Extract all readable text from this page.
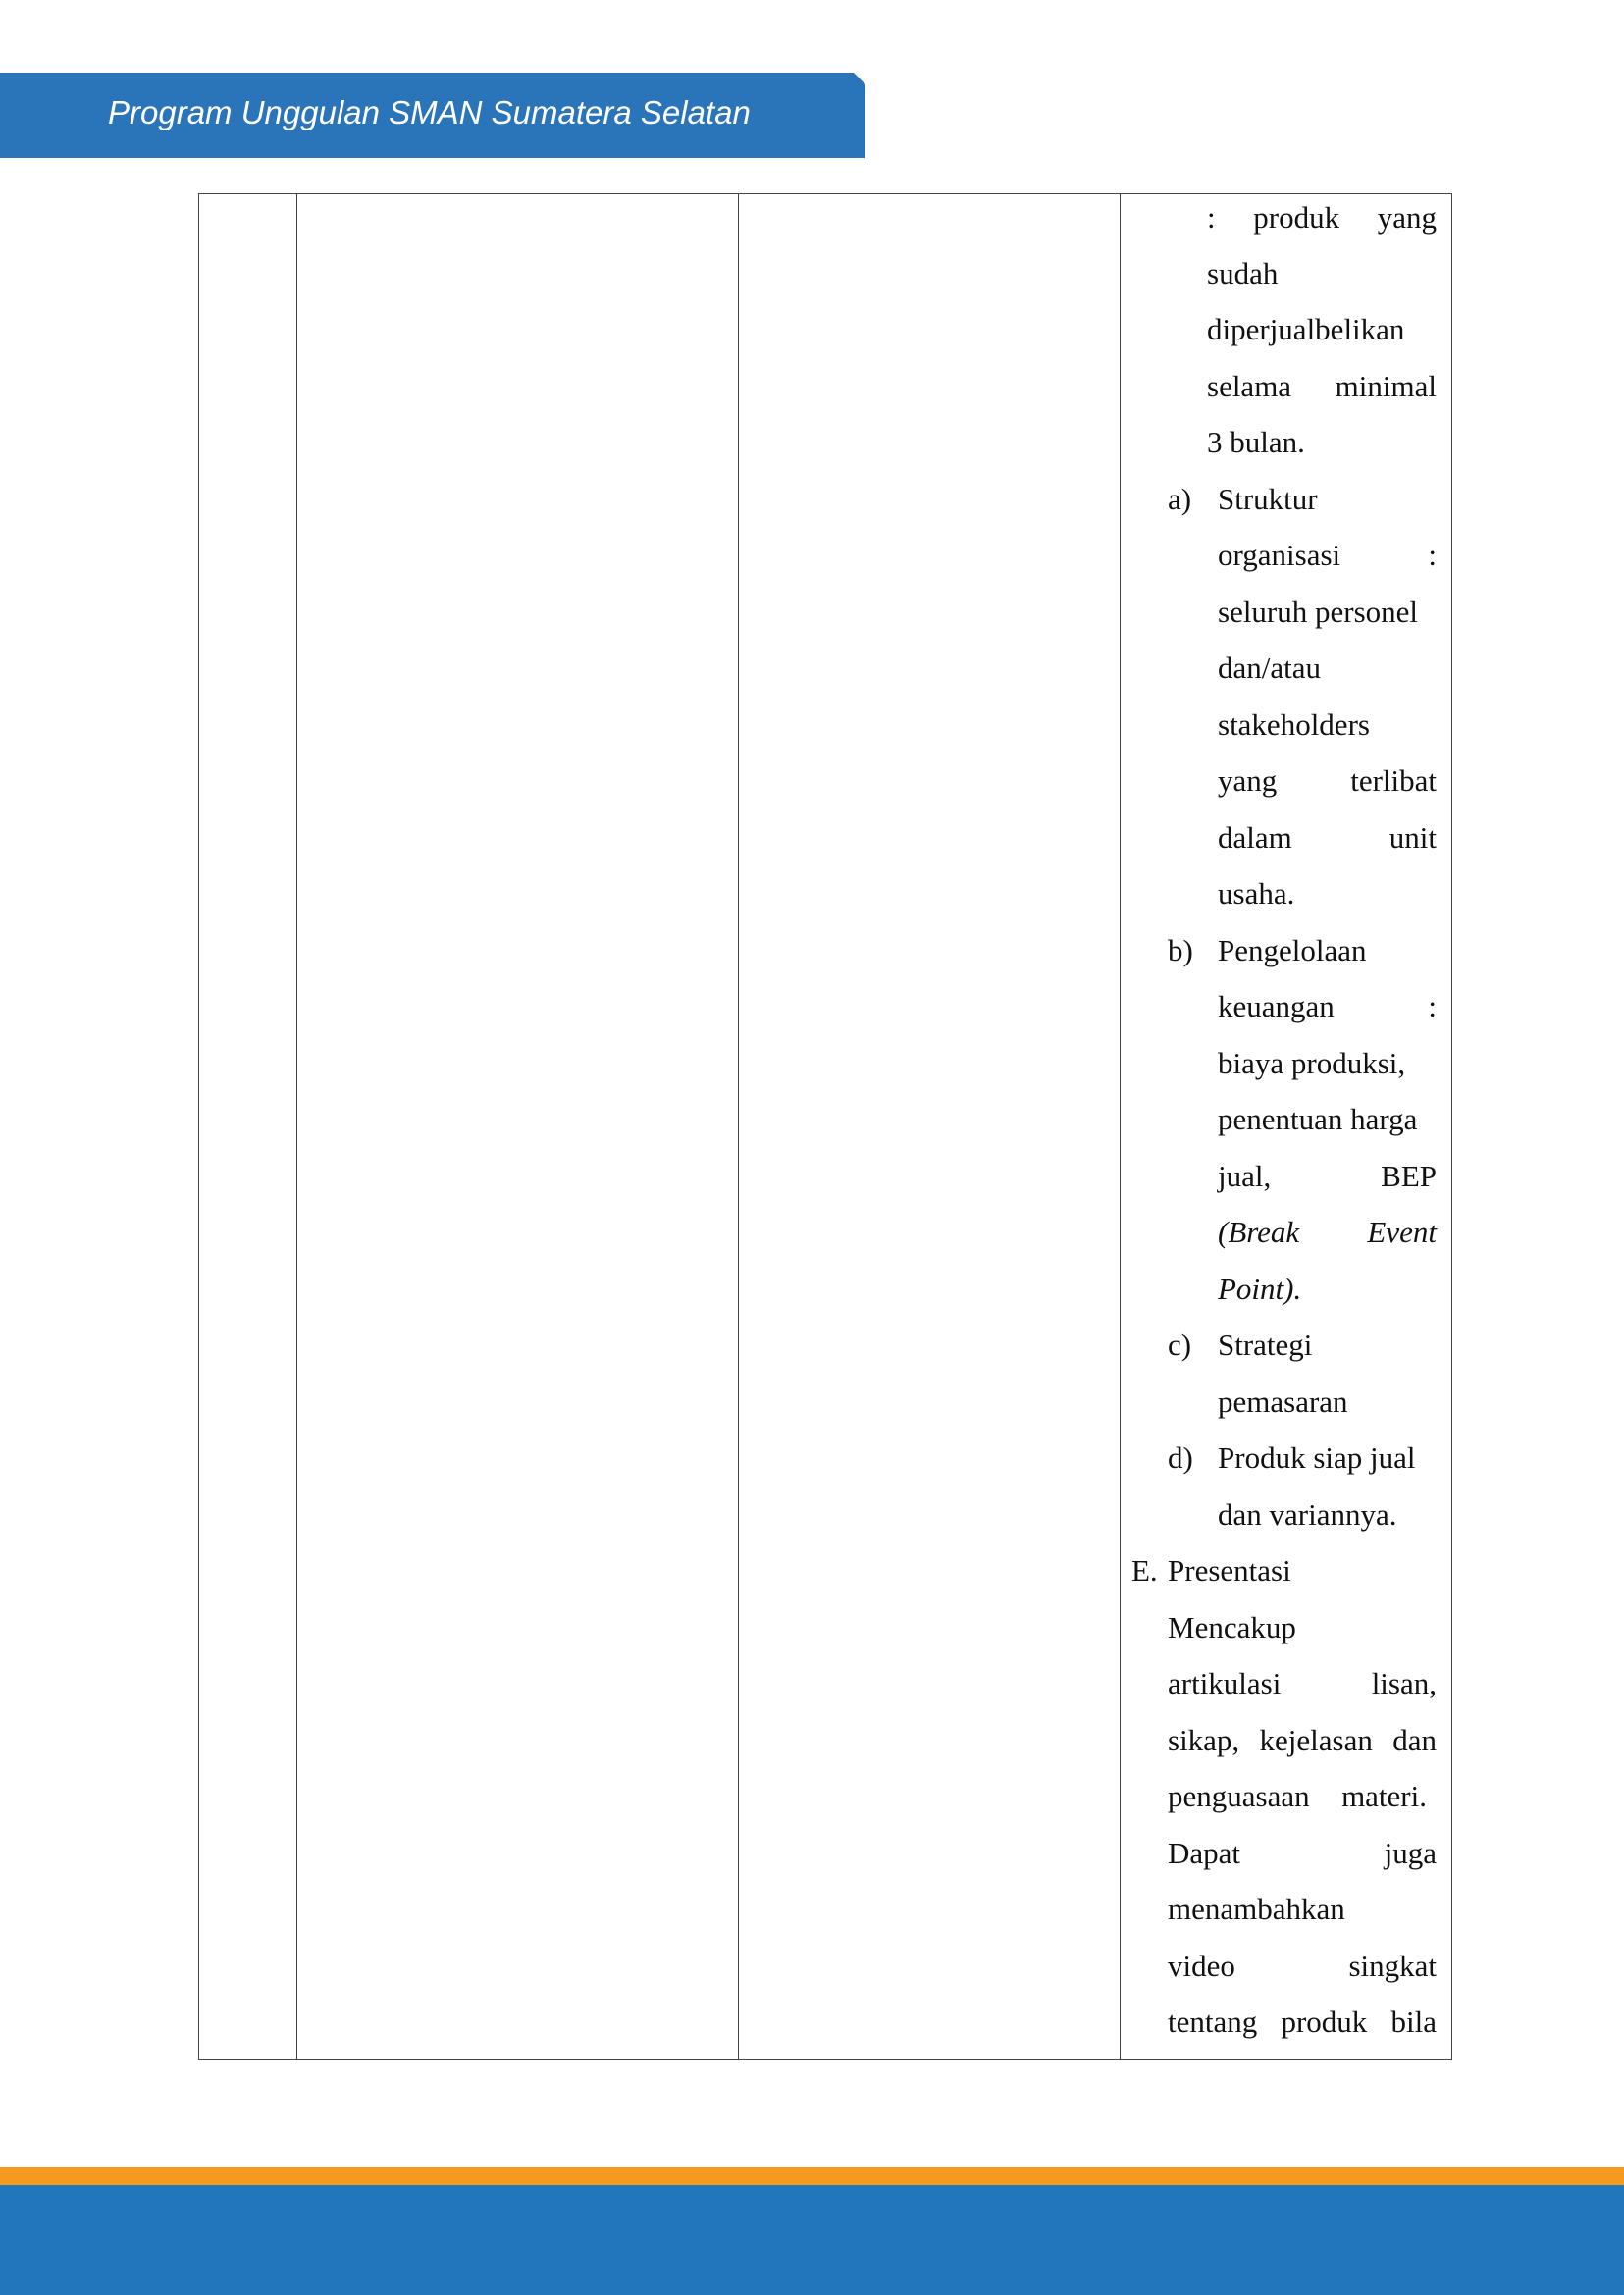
Program Unggulan SMAN Sumatera Selatan
: produk yang
sudah
diperjualbelikan
selama minimal
3 bulan.
a) Struktur
organisasi	:
seluruh personel
dan/atau
stakeholders
yang terlibat
dalam	unit
usaha.
b) Pengelolaan
keuangan	:
biaya produksi,
penentuan harga
jual,	BEP
(Break Event
Point).
c) Strategi
pemasaran
d) Produk siap jual
dan variannya.
E. Presentasi
Mencakup
artikulasi	lisan,
sikap, kejelasan dan
penguasaan materi.
Dapat	juga
menambahkan
video	singkat
tentang produk bila
